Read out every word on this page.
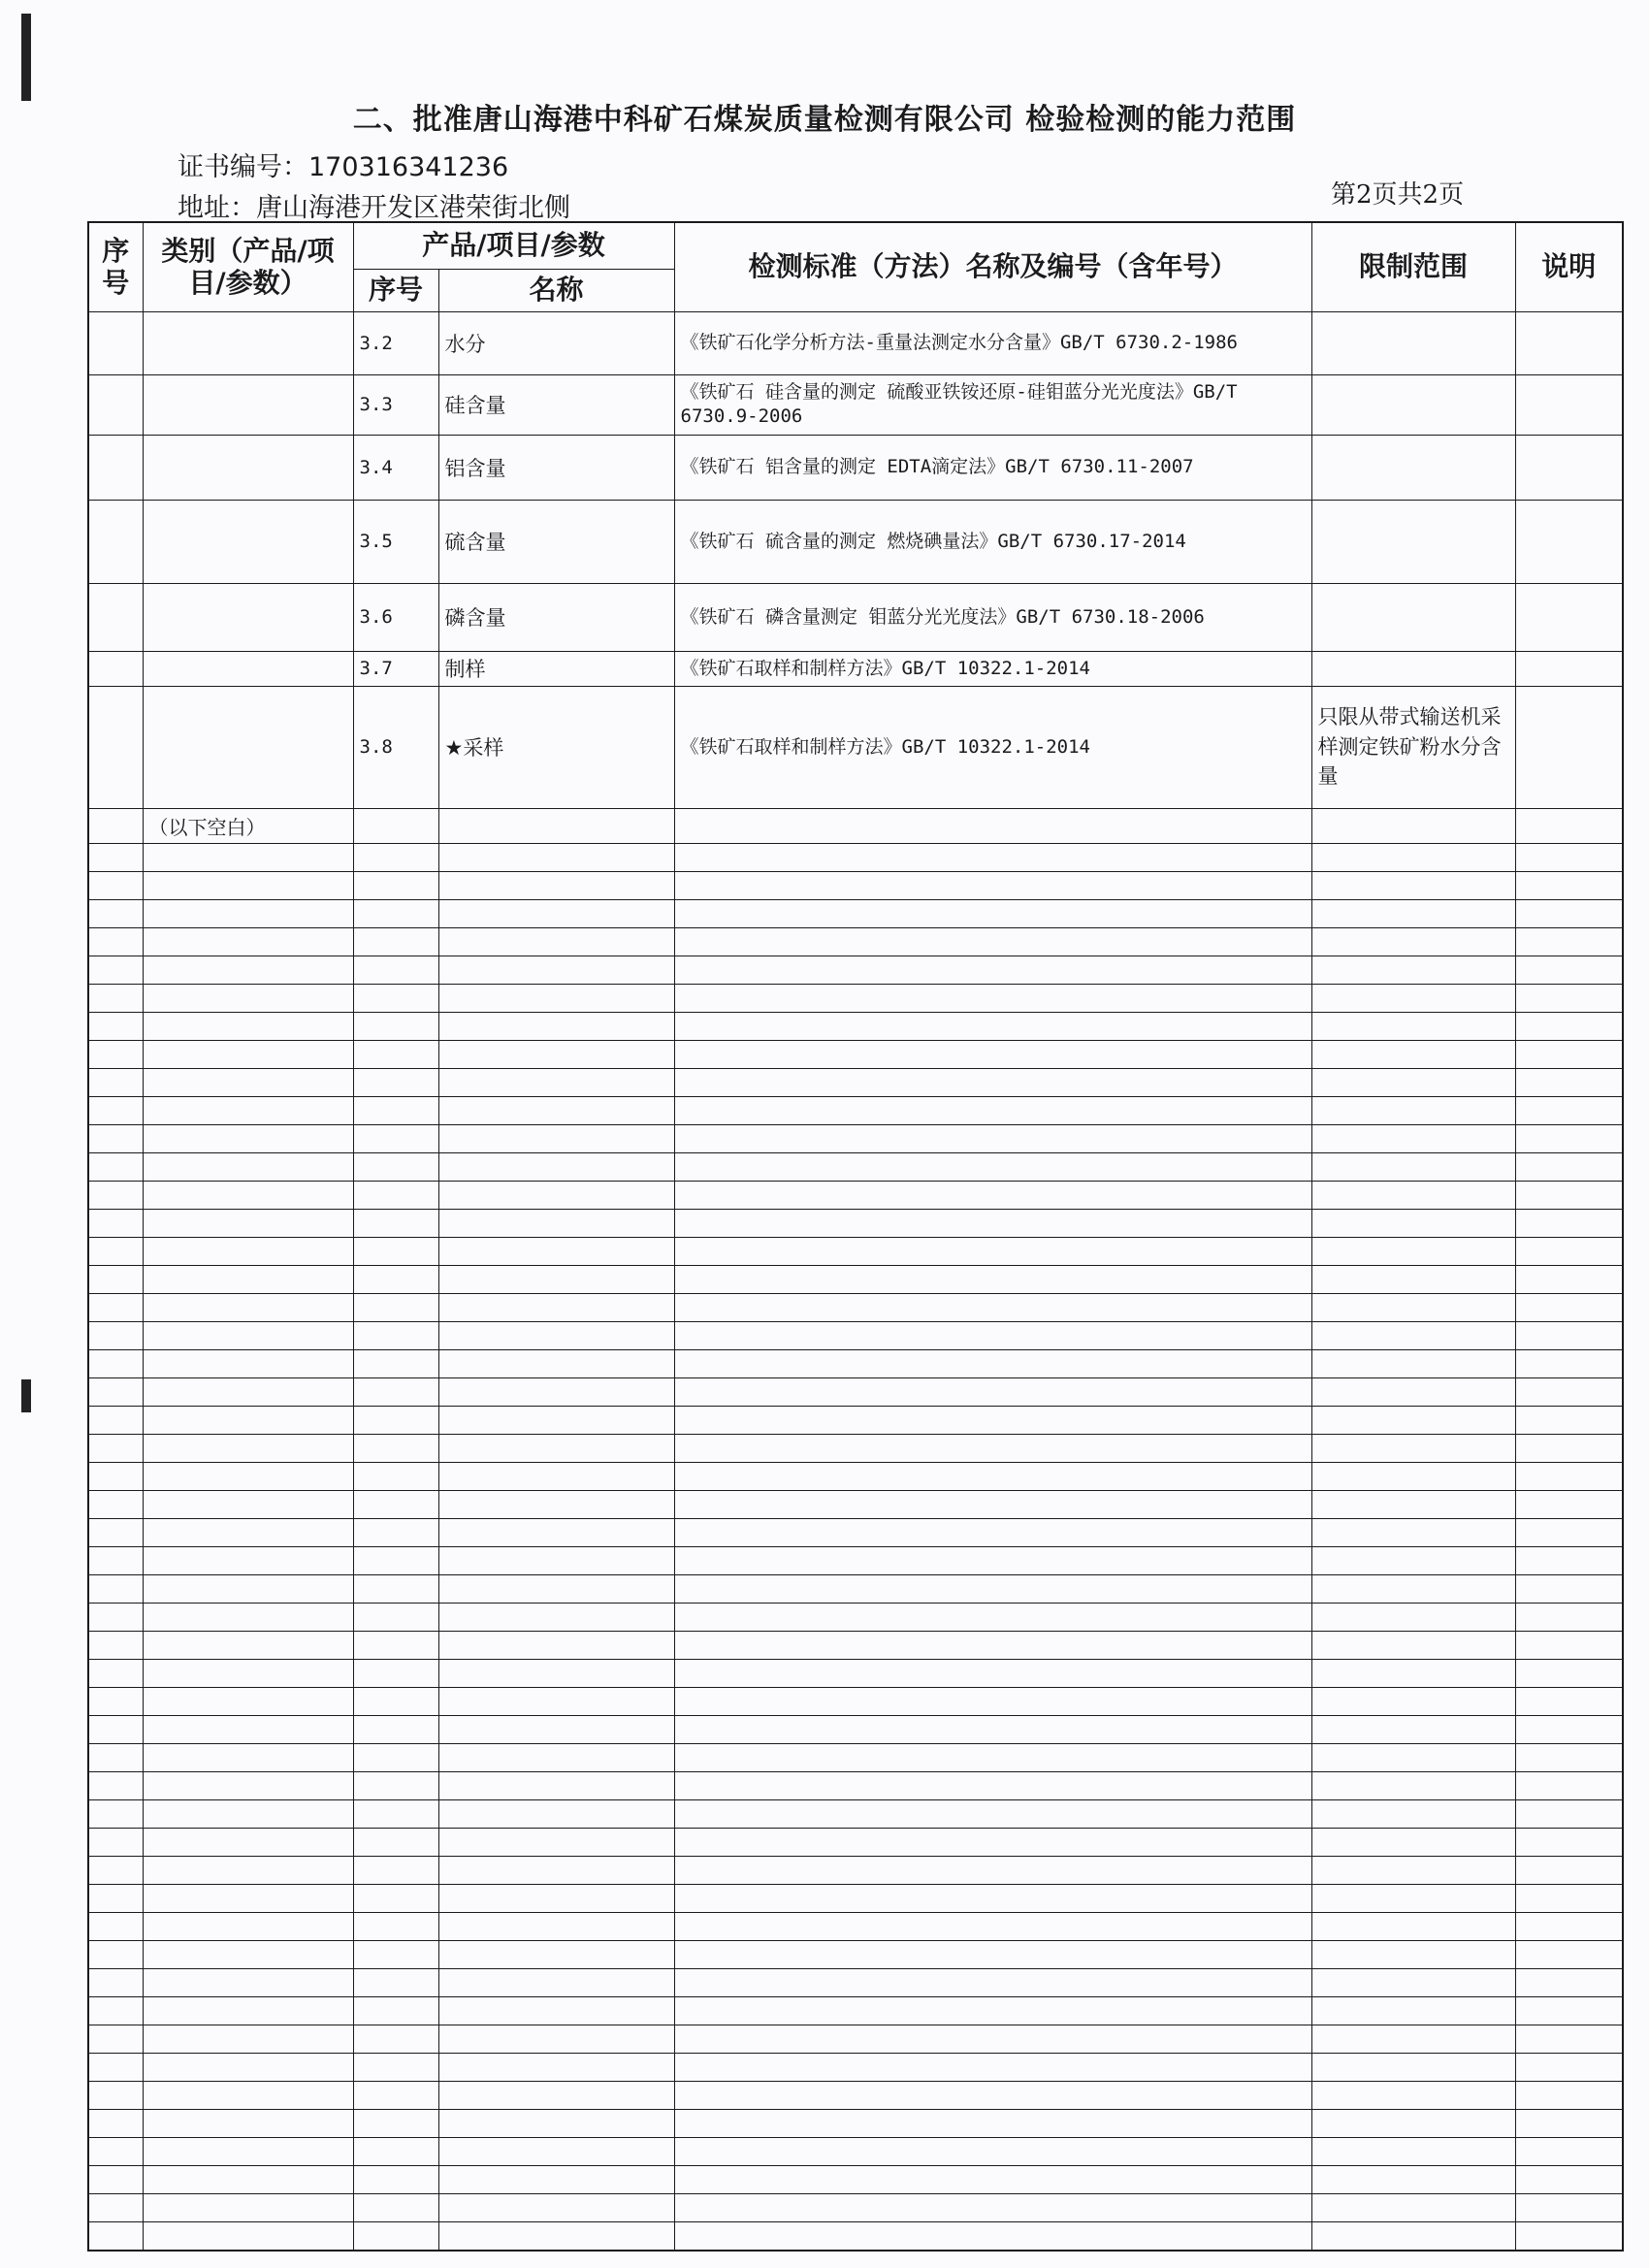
二、批准唐山海港中科矿石煤炭质量检测有限公司 检验检测的能力范围
证书编号：170316341236
地址：唐山海港开发区港荣街北侧	第2页共2页
序号	类别（产品/项目/参数）	产品/项目/参数		检测标准（方法）名称及编号（含年号）	限制范围	说明
		序号	名称			
		3.2	水分	《铁矿石化学分析方法-重量法测定水分含量》GB/T 6730.2-1986		
		3.3	硅含量	《铁矿石 硅含量的测定 硫酸亚铁铵还原-硅钼蓝分光光度法》GB/T 6730.9-2006		
		3.4	铝含量	《铁矿石 铝含量的测定 EDTA滴定法》GB/T 6730.11-2007		
		3.5	硫含量	《铁矿石 硫含量的测定 燃烧碘量法》GB/T 6730.17-2014		
		3.6	磷含量	《铁矿石 磷含量测定 钼蓝分光光度法》GB/T 6730.18-2006		
		3.7	制样	《铁矿石取样和制样方法》GB/T 10322.1-2014		
		3.8	★采样	《铁矿石取样和制样方法》GB/T 10322.1-2014	只限从带式输送机采样测定铁矿粉水分含量	
	（以下空白）					
